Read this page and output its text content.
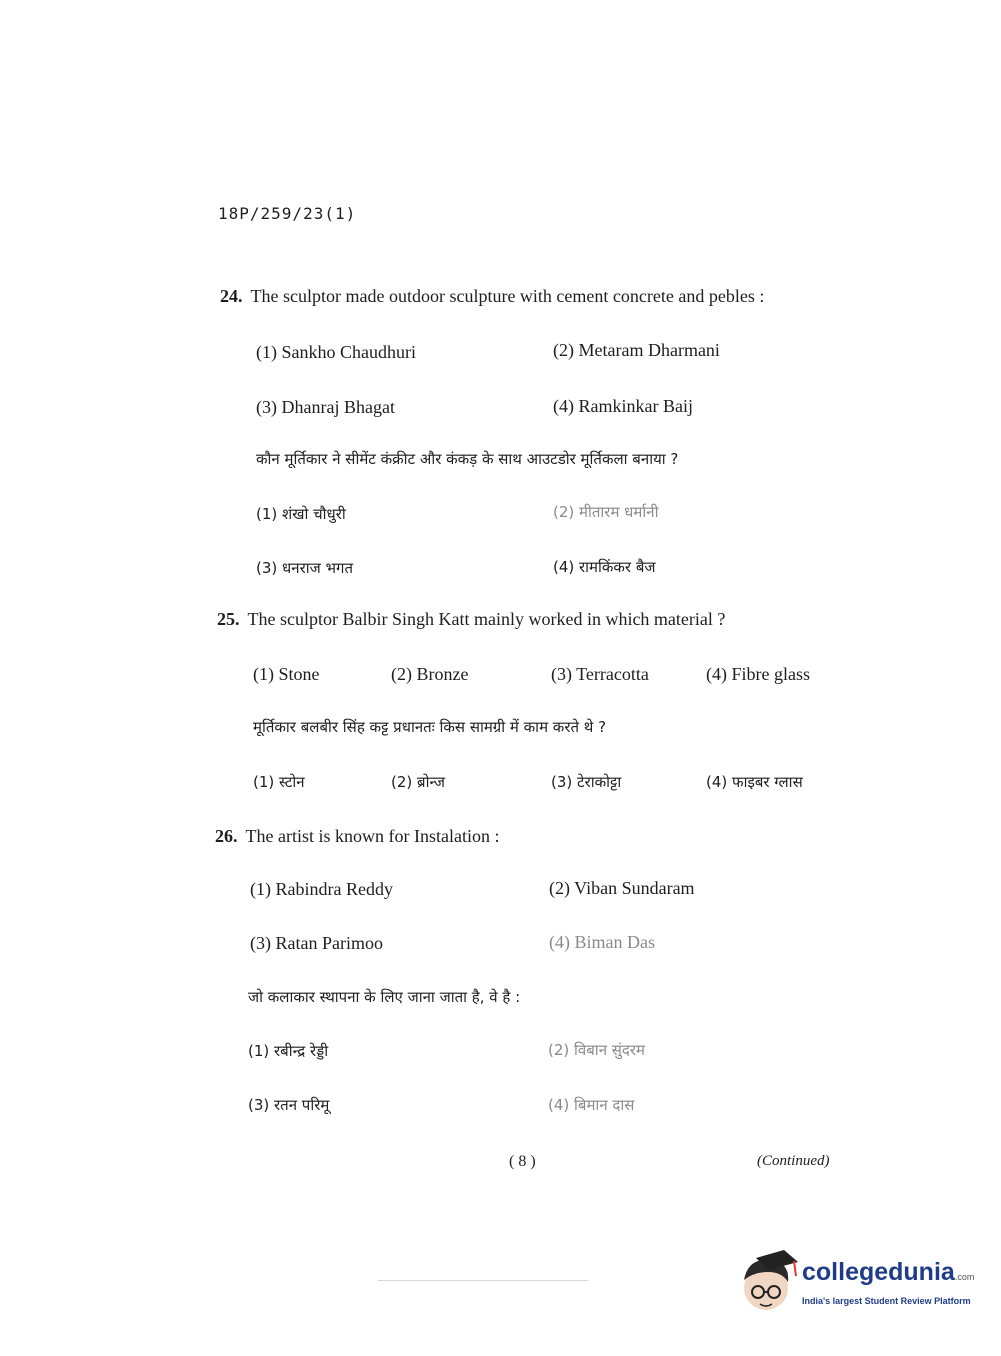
18P/259/23(1)
24. The sculptor made outdoor sculpture with cement concrete and pebles :
(1) Sankho Chaudhuri	(2) Metaram Dharmani
(3) Dhanraj Bhagat	(4) Ramkinkar Baij
कौन मूर्तिकार ने सीमेंट कंक्रीट और कंकड़ के साथ आउटडोर मूर्तिकला बनाया ?
(1) शंखो चौधुरी	(2) मीतारम धर्मानी
(3) धनराज भगत	(4) रामकिंकर बैज
25. The sculptor Balbir Singh Katt mainly worked in which material ?
(1) Stone	(2) Bronze	(3) Terracotta	(4) Fibre glass
मूर्तिकार बलबीर सिंह कट्ट प्रधानतः किस सामग्री में काम करते थे ?
(1) स्टोन	(2) ब्रोन्ज	(3) टेराकोट्टा	(4) फाइबर ग्लास
26. The artist is known for Instalation :
(1) Rabindra Reddy	(2) Viban Sundaram
(3) Ratan Parimoo	(4) Biman Das
जो कलाकार स्थापना के लिए जाना जाता है, वे है :
(1) रबीन्द्र रेड्डी	(2) विबान सुंदरम
(3) रतन परिमू	(4) बिमान दास
( 8 )	(Continued)
collegedunia.com
India's largest Student Review Platform
